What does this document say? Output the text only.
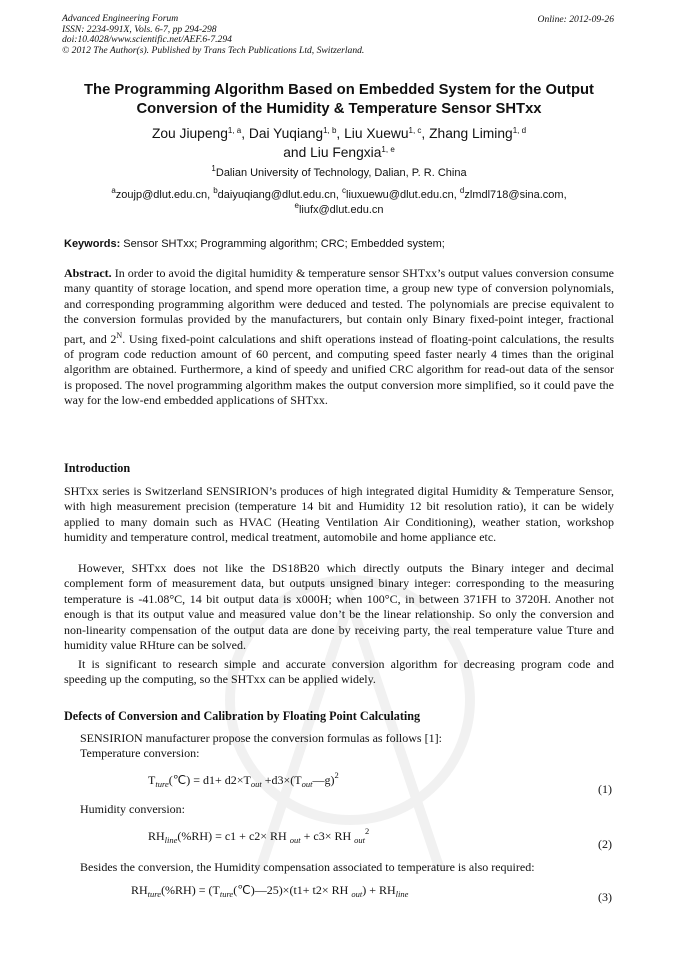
Advanced Engineering Forum
ISSN: 2234-991X, Vols. 6-7, pp 294-298
doi:10.4028/www.scientific.net/AEF.6-7.294
© 2012 The Author(s). Published by Trans Tech Publications Ltd, Switzerland.
Online: 2012-09-26
The Programming Algorithm Based on Embedded System for the Output
Conversion of the Humidity & Temperature Sensor SHTxx
Zou Jiupeng$^{1, a}$, Dai Yuqiang$^{1, b}$, Liu Xuewu$^{1, c}$, Zhang Liming$^{1, d}$
and Liu Fengxia$^{1, e}$
$^1$Dalian University of Technology, Dalian, P. R. China
$^a$zoujp@dlut.edu.cn, $^b$daiyuqiang@dlut.edu.cn, $^c$liuxuewu@dlut.edu.cn, $^d$zlmdl718@sina.com,
$^e$liufx@dlut.edu.cn
Keywords: Sensor SHTxx; Programming algorithm; CRC; Embedded system;
Abstract. In order to avoid the digital humidity & temperature sensor SHTxx’s output values conversion consume many quantity of storage location, and spend more operation time, a group new type of conversion polynomials, and corresponding programming algorithm were deduced and tested. The polynomials are precise equivalent to the conversion formulas provided by the manufacturers, but contain only Binary fixed-point integer, fractional part, and $2^N$. Using fixed-point calculations and shift operations instead of floating-point calculations, the results of program code reduction amount of 60 percent, and computing speed faster nearly 4 times than the original algorithm are obtained. Furthermore, a kind of speedy and unified CRC algorithm for read-out data of the sensor is proposed. The novel programming algorithm makes the output conversion more simplified, so it could pave the way for the low-end embedded applications of SHTxx.
Introduction
SHTxx series is Switzerland SENSIRION’s produces of high integrated digital Humidity & Temperature Sensor, with high measurement precision (temperature 14 bit and Humidity 12 bit resolution ratio), it can be widely applied to many domain such as HVAC (Heating Ventilation Air Conditioning), weather station, workshop humidity and temperature control, medical treatment, automobile and home appliance etc.
However, SHTxx does not like the DS18B20 which directly outputs the Binary integer and decimal complement form of measurement data, but outputs unsigned binary integer: corresponding to the measuring temperature is -41.08°C, 14 bit output data is x000H; when 100°C, in between 371FH to 3720H. Another not enough is that its output value and measured value don’t be the linear relationship. So only the conversion and non-linearity compensation of the output data are done by receiving party, the real temperature value Tture and humidity value RHture can be solved.
It is significant to research simple and accurate conversion algorithm for decreasing program code and speeding up the computing, so the SHTxx can be applied widely.
Defects of Conversion and Calibration by Floating Point Calculating
SENSIRION manufacturer propose the conversion formulas as follows [1]:
Temperature conversion:
$T_{ture}(℃) = d1+ d2\times T_{out}$ $+d3\times(T_{out}—g)^2$
(1)
Humidity conversion:
$RH_{line}(\%RH) = c1 + c2\times$ RH $_{out}$ + c3× RH $_{out}^2$
(2)
Besides the conversion, the Humidity compensation associated to temperature is also required:
$RH_{ture}(\%RH)$ = $(T_{ture}(℃)—25)\times(t1+ t2\times$ RH $_{out}) + RH_{line}$	(3)
